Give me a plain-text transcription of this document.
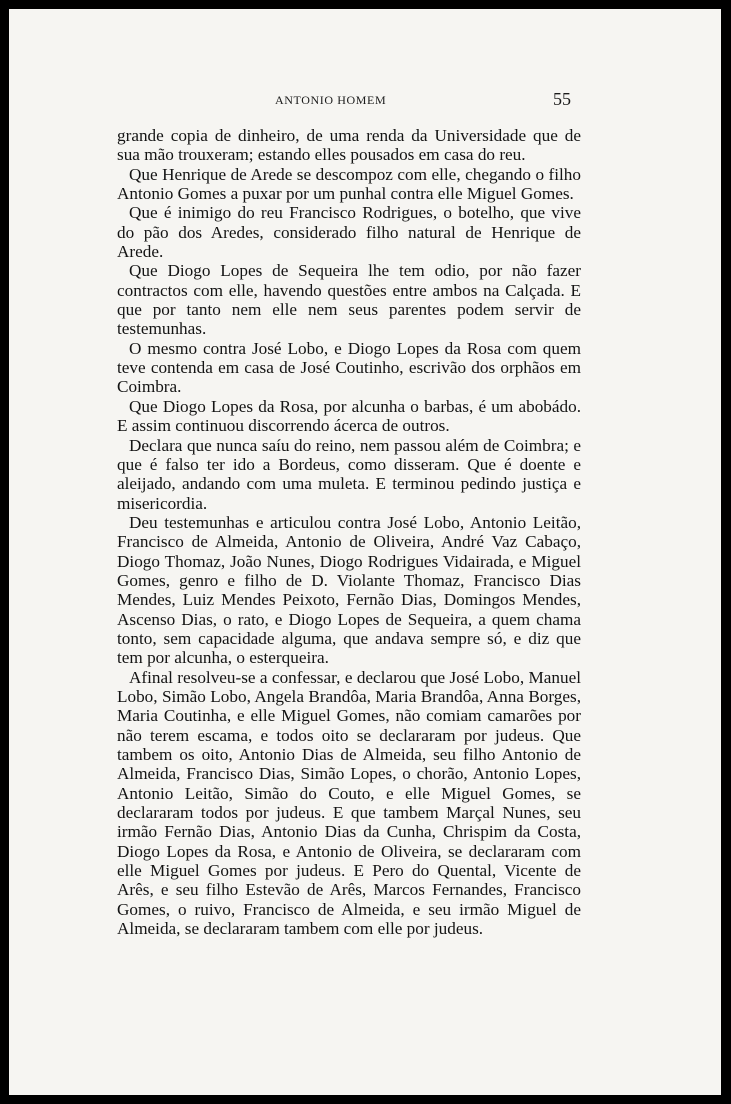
ANTONIO HOMEM	55

grande copia de dinheiro, de uma renda da Universidade que de sua mão trouxeram; estando elles pousados em casa do reu.

Que Henrique de Arede se descompoz com elle, chegando o filho Antonio Gomes a puxar por um punhal contra elle Miguel Gomes.

Que é inimigo do reu Francisco Rodrigues, o botelho, que vive do pão dos Aredes, considerado filho natural de Henrique de Arede.

Que Diogo Lopes de Sequeira lhe tem odio, por não fazer contractos com elle, havendo questões entre ambos na Calçada. E que por tanto nem elle nem seus parentes podem servir de testemunhas.

O mesmo contra José Lobo, e Diogo Lopes da Rosa com quem teve contenda em casa de José Coutinho, escrivão dos orphãos em Coimbra.

Que Diogo Lopes da Rosa, por alcunha o barbas, é um abobádo. E assim continuou discorrendo ácerca de outros.

Declara que nunca saíu do reino, nem passou além de Coimbra; e que é falso ter ido a Bordeus, como disseram. Que é doente e aleijado, andando com uma muleta. E terminou pedindo justiça e misericordia.

Deu testemunhas e articulou contra José Lobo, Antonio Leitão, Francisco de Almeida, Antonio de Oliveira, André Vaz Cabaço, Diogo Thomaz, João Nunes, Diogo Rodrigues Vidairada, e Miguel Gomes, genro e filho de D. Violante Thomaz, Francisco Dias Mendes, Luiz Mendes Peixoto, Fernão Dias, Domingos Mendes, Ascenso Dias, o rato, e Diogo Lopes de Sequeira, a quem chama tonto, sem capacidade alguma, que andava sempre só, e diz que tem por alcunha, o esterqueira.

Afinal resolveu-se a confessar, e declarou que José Lobo, Manuel Lobo, Simão Lobo, Angela Brandôa, Maria Brandôa, Anna Borges, Maria Coutinha, e elle Miguel Gomes, não comiam camarões por não terem escama, e todos oito se declararam por judeus. Que tambem os oito, Antonio Dias de Almeida, seu filho Antonio de Almeida, Francisco Dias, Simão Lopes, o chorão, Antonio Lopes, Antonio Leitão, Simão do Couto, e elle Miguel Gomes, se declararam todos por judeus. E que tambem Marçal Nunes, seu irmão Fernão Dias, Antonio Dias da Cunha, Chrispim da Costa, Diogo Lopes da Rosa, e Antonio de Oliveira, se declararam com elle Miguel Gomes por judeus. E Pero do Quental, Vicente de Arês, e seu filho Estevão de Arês, Marcos Fernandes, Francisco Gomes, o ruivo, Francisco de Almeida, e seu irmão Miguel de Almeida, se declararam tambem com elle por judeus.
